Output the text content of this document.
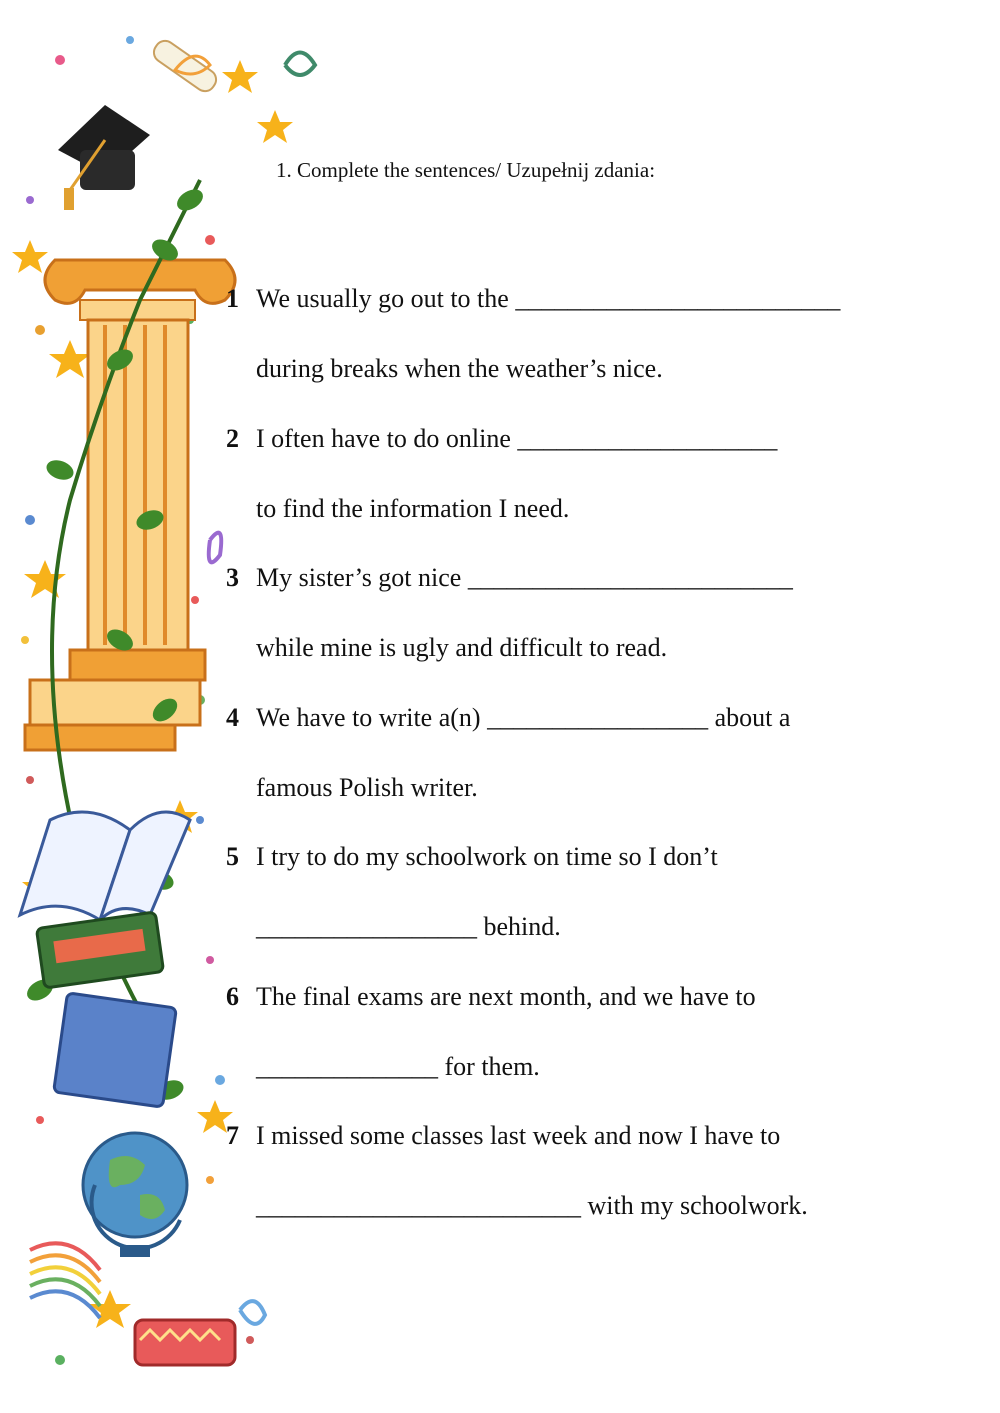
1. Complete the sentences/ Uzupełnij zdania:
1 We usually go out to the _________________________
during breaks when the weather’s nice.
2 I often have to do online ____________________
to find the information I need.
3 My sister’s got nice _________________________
while mine is ugly and difficult to read.
4 We have to write a(n) _________________ about a
famous Polish writer.
5 I try to do my schoolwork on time so I don’t
_________________ behind.
6 The final exams are next month, and we have to
______________ for them.
7 I missed some classes last week and now I have to
_________________________ with my schoolwork.
